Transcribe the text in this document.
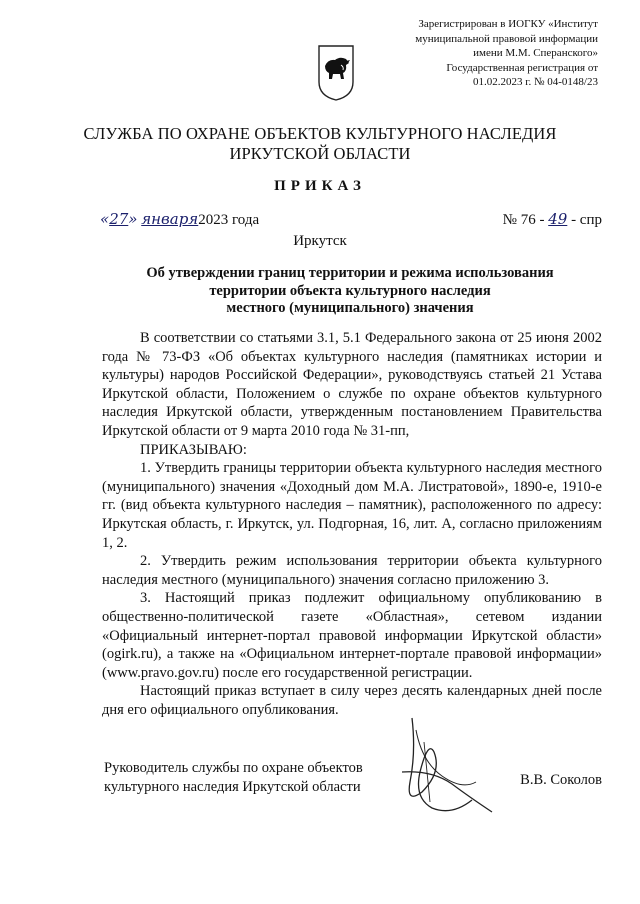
Зарегистрирован в ИОГКУ «Институт
муниципальной правовой информации
имени М.М. Сперанского»
Государственная регистрация от
01.02.2023 г. № 04-0148/23
СЛУЖБА ПО ОХРАНЕ ОБЪЕКТОВ КУЛЬТУРНОГО НАСЛЕДИЯ
ИРКУТСКОЙ ОБЛАСТИ
ПРИКАЗ
«27» января2023 года	№ 76 - 49 - спр
Иркутск
Об утверждении границ территории и режима использования
территории объекта культурного наследия
местного (муниципального) значения

В соответствии со статьями 3.1, 5.1 Федерального закона от 25 июня 2002 года № 73-ФЗ «Об объектах культурного наследия (памятниках истории и культуры) народов Российской Федерации», руководствуясь статьей 21 Устава Иркутской области, Положением о службе по охране объектов культурного наследия Иркутской области, утвержденным постановлением Правительства Иркутской области от 9 марта 2010 года № 31-пп,

ПРИКАЗЫВАЮ:

1. Утвердить границы территории объекта культурного наследия местного (муниципального) значения «Доходный дом М.А. Листратовой», 1890-е, 1910-е гг. (вид объекта культурного наследия – памятник), расположенного по адресу: Иркутская область, г. Иркутск, ул. Подгорная, 16, лит. А, согласно приложениям 1, 2.

2. Утвердить режим использования территории объекта культурного наследия местного (муниципального) значения согласно приложению 3.

3. Настоящий приказ подлежит официальному опубликованию в общественно-политической газете «Областная», сетевом издании «Официальный интернет-портал правовой информации Иркутской области» (ogirk.ru), а также на «Официальном интернет-портале правовой информации» (www.pravo.gov.ru) после его государственной регистрации.

Настоящий приказ вступает в силу через десять календарных дней после дня его официального опубликования.

Руководитель службы по охране объектов
культурного наследия Иркутской области	В.В. Соколов
